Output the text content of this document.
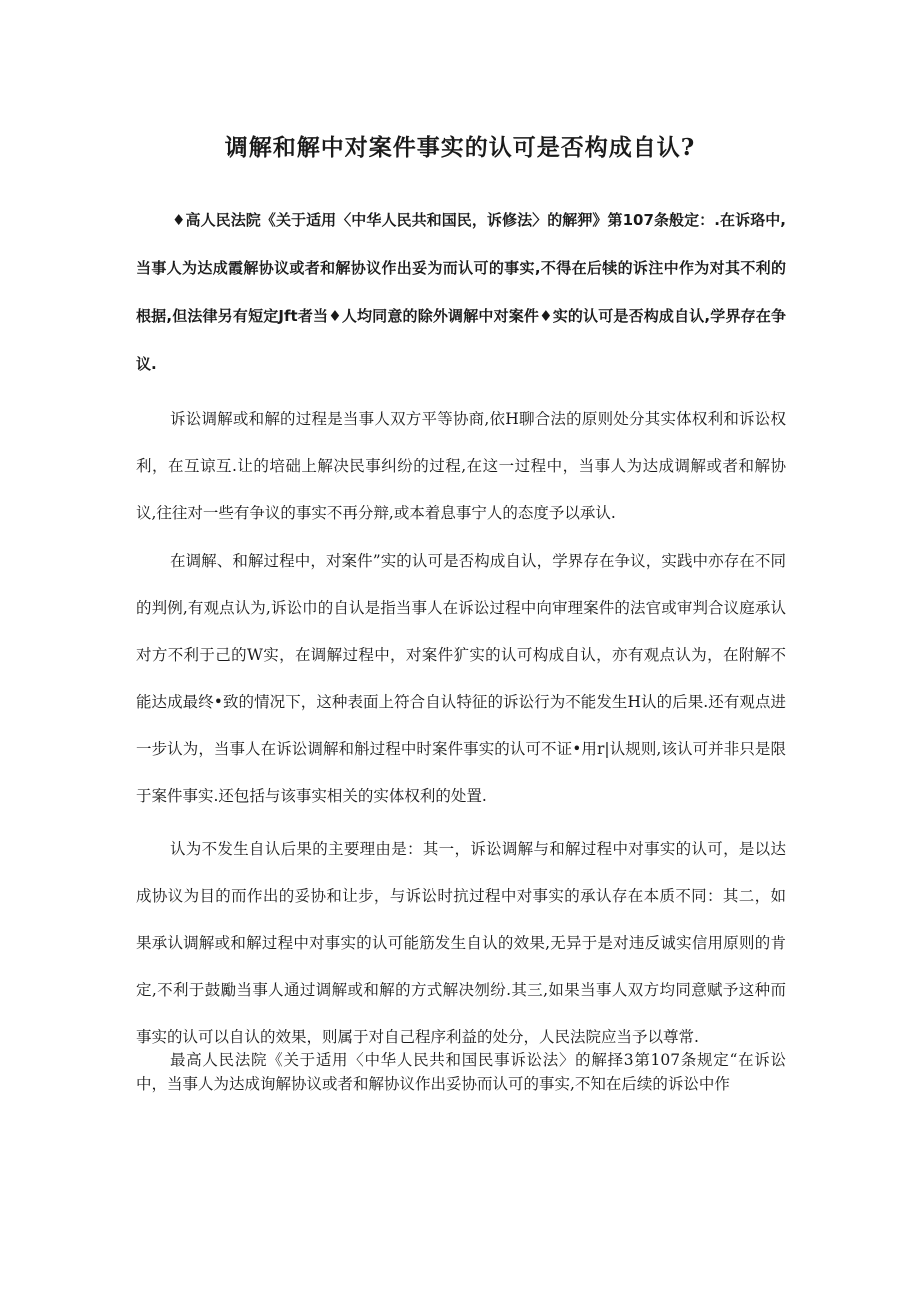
调解和解中对案件事实的认可是否构成自认?

♦高人民法院《关于适用〈中华人民共和国民，诉修法〉的解狎》第107条般定：.在诉珞中,当事人为达成霞解协议或者和解协议作出妥为而认可的事实,不得在后犊的诉注中作为对其不利的根据,但法律另有短定Jft者当♦人均同意的除外调解中对案件♦实的认可是否构成自认,学界存在争议.

诉讼调解或和解的过程是当事人双方平等协商,依H聊合法的原则处分其实体权利和诉讼权利，在互谅互.让的培础上解决民事纠纷的过程,在这一过程中，当事人为达成调解或者和解协议,往往对一些有争议的事实不再分辩,或本着息事宁人的态度予以承认.

在调解、和解过程中，对案件”实的认可是否构成自认，学界存在争议，实践中亦存在不同的判例,有观点认为,诉讼巾的自认是指当事人在诉讼过程中向审理案件的法官或审判合议庭承认对方不利于己的W实，在调解过程中，对案件犷实的认可构成自认，亦有观点认为，在附解不能达成最终•致的情况下，这种表面上符合自认特征的诉讼行为不能发生H认的后果.还有观点进一步认为，当事人在诉讼调解和斛过程中时案件事实的认可不证•用r|认规则,该认可并非只是限于案件事实.还包括与该事实相关的实体权利的处置.

认为不发生自认后果的主要理由是：其一，诉讼调解与和解过程中对事实的认可，是以达成协议为目的而作出的妥协和让步，与诉讼时抗过程中对事实的承认存在本质不同：其二，如果承认调解或和解过程中对事实的认可能筋发生自认的效果,无异于是对违反诚实信用原则的肯定,不利于鼓勵当事人通过调解或和解的方式解决刎纷.其三,如果当事人双方均同意赋予这种而事实的认可以自认的效果，则属于对自己程序利益的处分，人民法院应当予以尊常.

最高人民法院《关于适用〈中华人民共和国民事诉讼法〉的解择3第107条规定“在诉讼中，当事人为达成询解协议或者和解协议作出妥协而认可的事实,不知在后续的诉讼中作
